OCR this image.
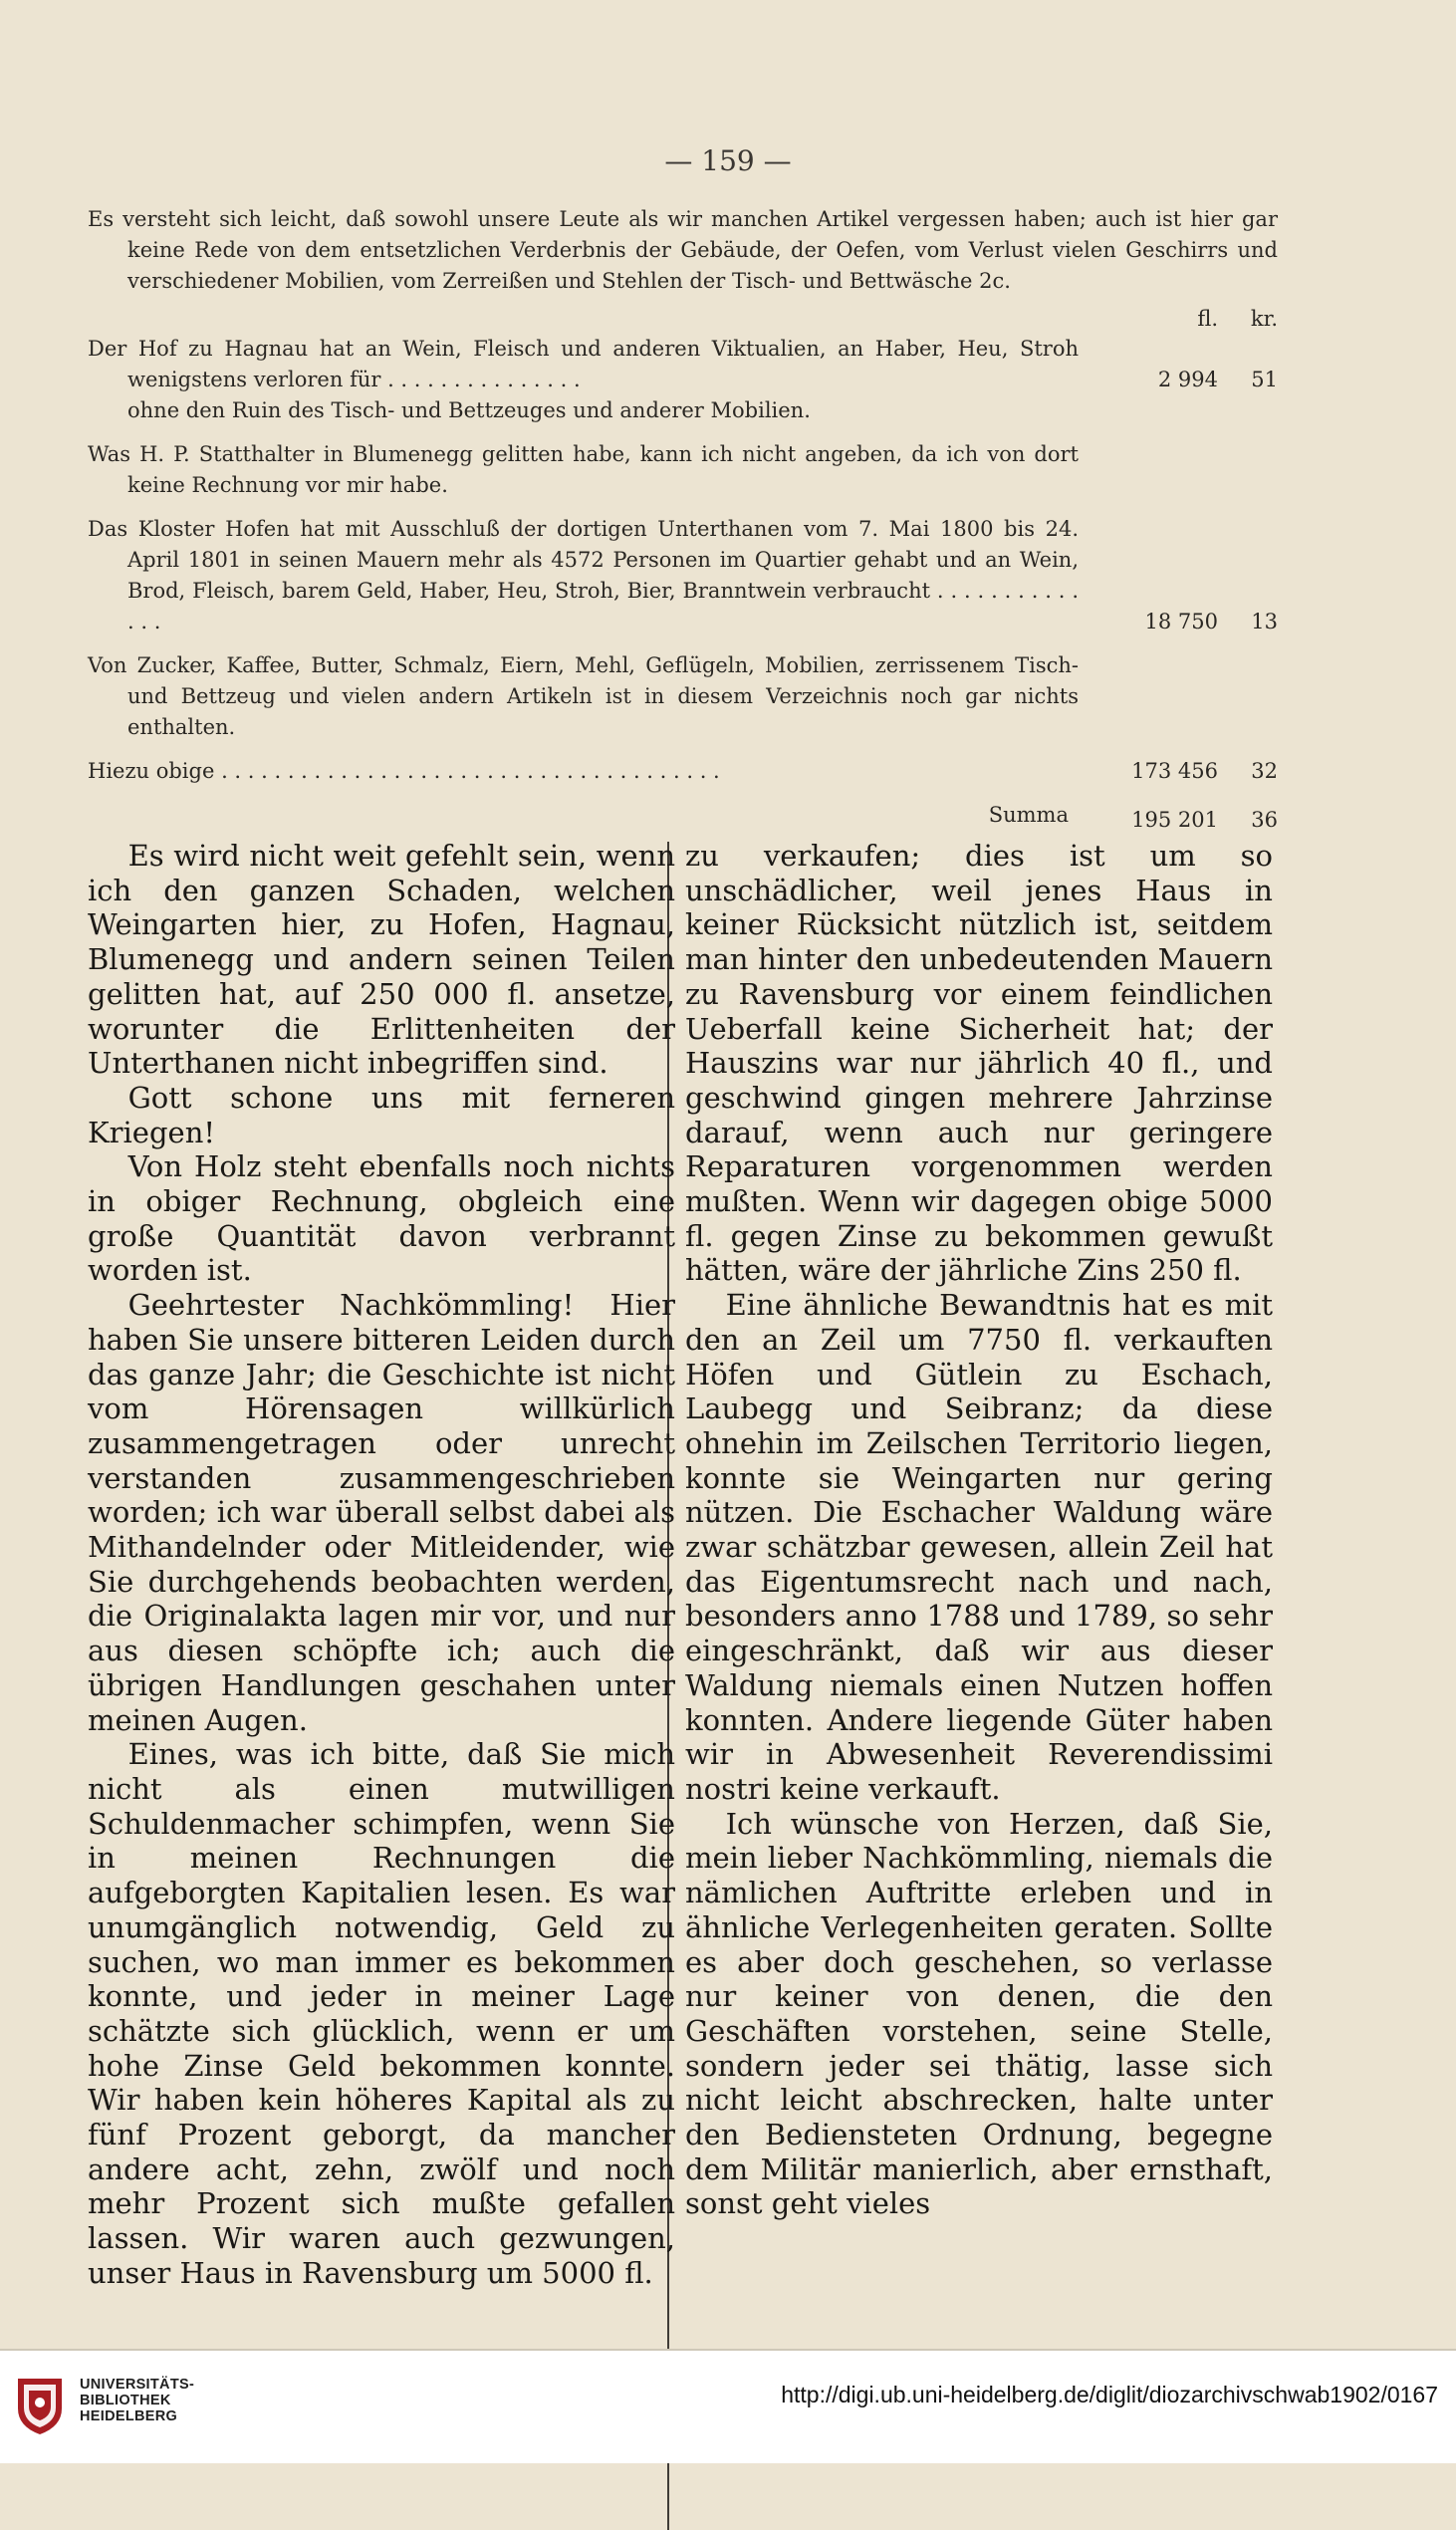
— 159 —
Es versteht sich leicht, daß sowohl unsere Leute als wir manchen Artikel vergessen haben; auch ist hier gar keine Rede von dem entsetzlichen Verderbnis der Gebäude, der Oefen, vom Verlust vielen Geschirrs und verschiedener Mobilien, vom Zerreißen und Stehlen der Tisch- und Bettwäsche 2c.
fl.	kr.
Der Hof zu Hagnau hat an Wein, Fleisch und anderen Viktualien, an Haber, Heu, Stroh wenigstens verloren für . . . . . . . . . . . . . . .	2 994	51
ohne den Ruin des Tisch- und Bettzeuges und anderer Mobilien.
Was H. P. Statthalter in Blumenegg gelitten habe, kann ich nicht angeben, da ich von dort keine Rechnung vor mir habe.
Das Kloster Hofen hat mit Ausschluß der dortigen Unterthanen vom 7. Mai 1800 bis 24. April 1801 in seinen Mauern mehr als 4572 Personen im Quartier gehabt und an Wein, Brod, Fleisch, barem Geld, Haber, Heu, Stroh, Bier, Branntwein verbraucht . . . . . . . . . . . . . .	18 750	13
Von Zucker, Kaffee, Butter, Schmalz, Eiern, Mehl, Geflügeln, Mobilien, zerrissenem Tisch- und Bettzeug und vielen andern Artikeln ist in diesem Verzeichnis noch gar nichts enthalten.
Hiezu obige . . . . . . . . . . . . . . . . . . . . . . . . . . . . . . . . . . . . . .	173 456	32
Summa	195 201	36

Es wird nicht weit gefehlt sein, wenn ich den ganzen Schaden, welchen Weingarten hier, zu Hofen, Hagnau, Blumenegg und andern seinen Teilen gelitten hat, auf 250 000 fl. ansetze, worunter die Erlittenheiten der Unterthanen nicht inbegriffen sind.

Gott schone uns mit ferneren Kriegen!

Von Holz steht ebenfalls noch nichts in obiger Rechnung, obgleich eine große Quantität davon verbrannt worden ist.

Geehrtester Nachkömmling! Hier haben Sie unsere bitteren Leiden durch das ganze Jahr; die Geschichte ist nicht vom Hörensagen willkürlich zusammengetragen oder unrecht verstanden zusammengeschrieben worden; ich war überall selbst dabei als Mithandelnder oder Mitleidender, wie Sie durchgehends beobachten werden, die Originalakta lagen mir vor, und nur aus diesen schöpfte ich; auch die übrigen Handlungen geschahen unter meinen Augen.

Eines, was ich bitte, daß Sie mich nicht als einen mutwilligen Schuldenmacher schimpfen, wenn Sie in meinen Rechnungen die aufgeborgten Kapitalien lesen. Es war unumgänglich notwendig, Geld zu suchen, wo man immer es bekommen konnte, und jeder in meiner Lage schätzte sich glücklich, wenn er um hohe Zinse Geld bekommen konnte. Wir haben kein höheres Kapital als zu fünf Prozent geborgt, da mancher andere acht, zehn, zwölf und noch mehr Prozent sich mußte gefallen lassen. Wir waren auch gezwungen, unser Haus in Ravensburg um 5000 fl.

zu verkaufen; dies ist um so unschädlicher, weil jenes Haus in keiner Rücksicht nützlich ist, seitdem man hinter den unbedeutenden Mauern zu Ravensburg vor einem feindlichen Ueberfall keine Sicherheit hat; der Hauszins war nur jährlich 40 fl., und geschwind gingen mehrere Jahrzinse darauf, wenn auch nur geringere Reparaturen vorgenommen werden mußten. Wenn wir dagegen obige 5000 fl. gegen Zinse zu bekommen gewußt hätten, wäre der jährliche Zins 250 fl.

Eine ähnliche Bewandtnis hat es mit den an Zeil um 7750 fl. verkauften Höfen und Gütlein zu Eschach, Laubegg und Seibranz; da diese ohnehin im Zeilschen Territorio liegen, konnte sie Weingarten nur gering nützen. Die Eschacher Waldung wäre zwar schätzbar gewesen, allein Zeil hat das Eigentumsrecht nach und nach, besonders anno 1788 und 1789, so sehr eingeschränkt, daß wir aus dieser Waldung niemals einen Nutzen hoffen konnten. Andere liegende Güter haben wir in Abwesenheit Reverendissimi nostri keine verkauft.

Ich wünsche von Herzen, daß Sie, mein lieber Nachkömmling, niemals die nämlichen Auftritte erleben und in ähnliche Verlegenheiten geraten. Sollte es aber doch geschehen, so verlasse nur keiner von denen, die den Geschäften vorstehen, seine Stelle, sondern jeder sei thätig, lasse sich nicht leicht abschrecken, halte unter den Bediensteten Ordnung, begegne dem Militär manierlich, aber ernsthaft, sonst geht vieles

UNIVERSITÄTS-
BIBLIOTHEK
HEIDELBERG
http://digi.ub.uni-heidelberg.de/diglit/diozarchivschwab1902/0167
